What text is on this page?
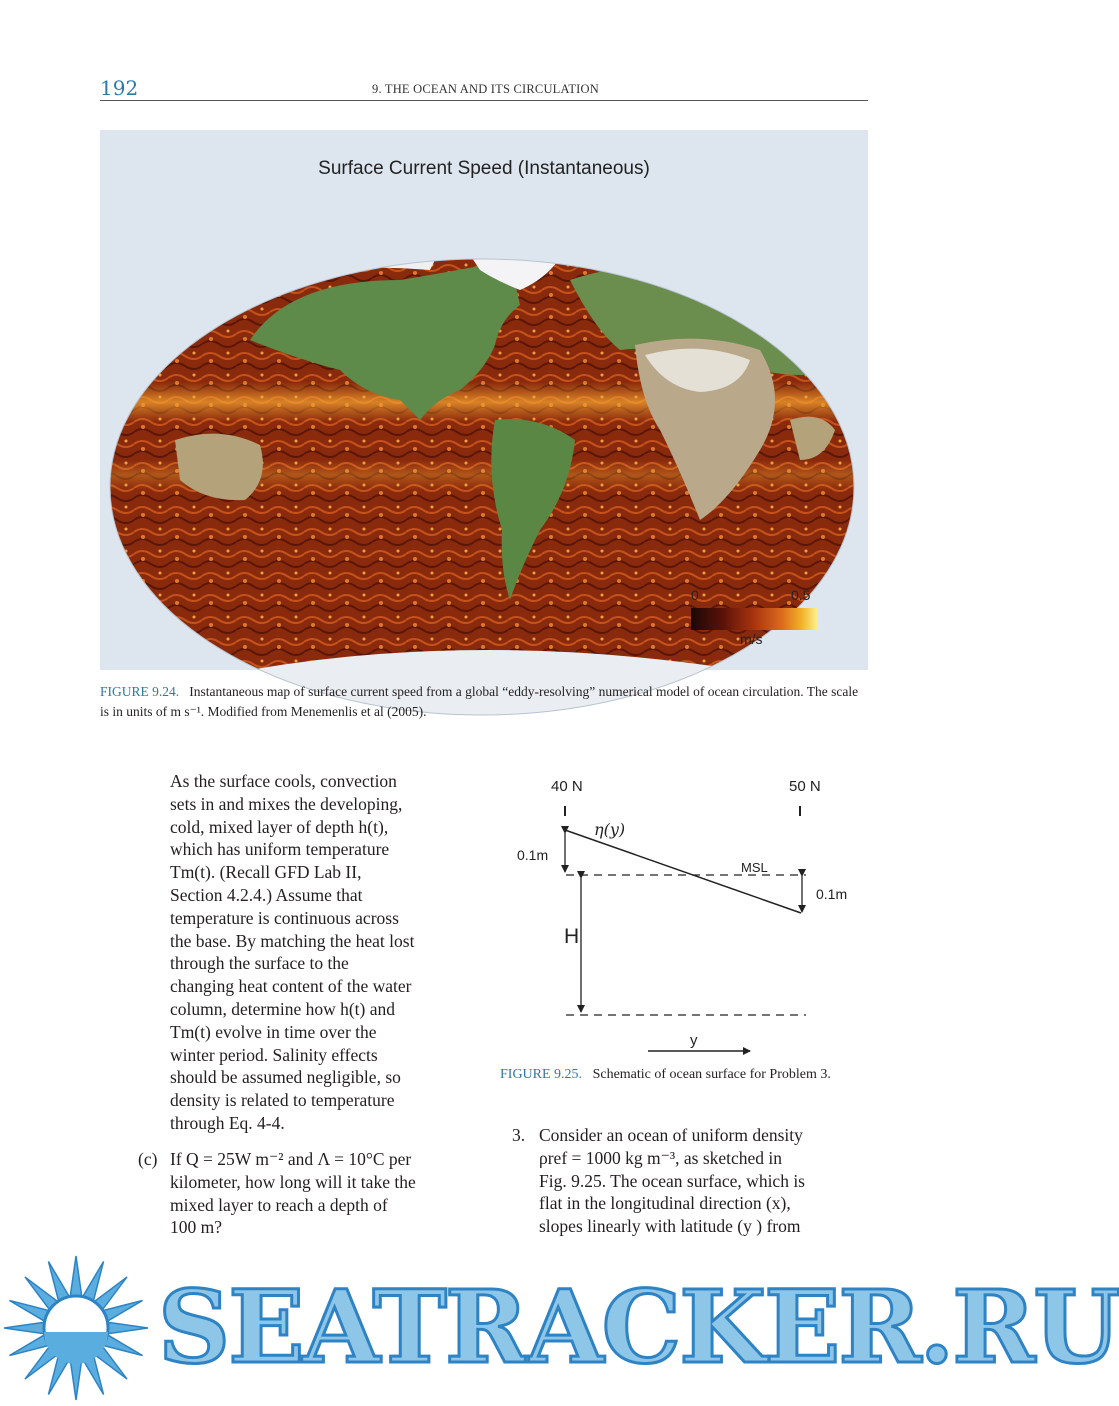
192	9. THE OCEAN AND ITS CIRCULATION
Surface Current Speed (Instantaneous)
0	0.5
m/s
FIGURE 9.24. Instantaneous map of surface current speed from a global “eddy-resolving” numerical model of ocean circulation. The scale is in units of m s⁻¹. Modified from Menemenlis et al (2005).

As the surface cools, convection

sets in and mixes the developing,

cold, mixed layer of depth h(t),

which has uniform temperature

Tm(t). (Recall GFD Lab II,

Section 4.2.4.) Assume that

temperature is continuous across

the base. By matching the heat lost

through the surface to the

changing heat content of the water

column, determine how h(t) and

Tm(t) evolve in time over the

winter period. Salinity effects

should be assumed negligible, so

density is related to temperature

through Eq. 4-4.

(c) If Q = 25W m⁻² and Λ = 10°C per
kilometer, how long will it take the
mixed layer to reach a depth of
100 m?
40 N	50 N
η(y)
0.1m
MSL
0.1m
H
y
FIGURE 9.25. Schematic of ocean surface for Problem 3.
3. Consider an ocean of uniform density
ρref = 1000 kg m⁻³, as sketched in
Fig. 9.25. The ocean surface, which is
flat in the longitudinal direction (x),
slopes linearly with latitude (y ) from
SEATRACKER.RU
